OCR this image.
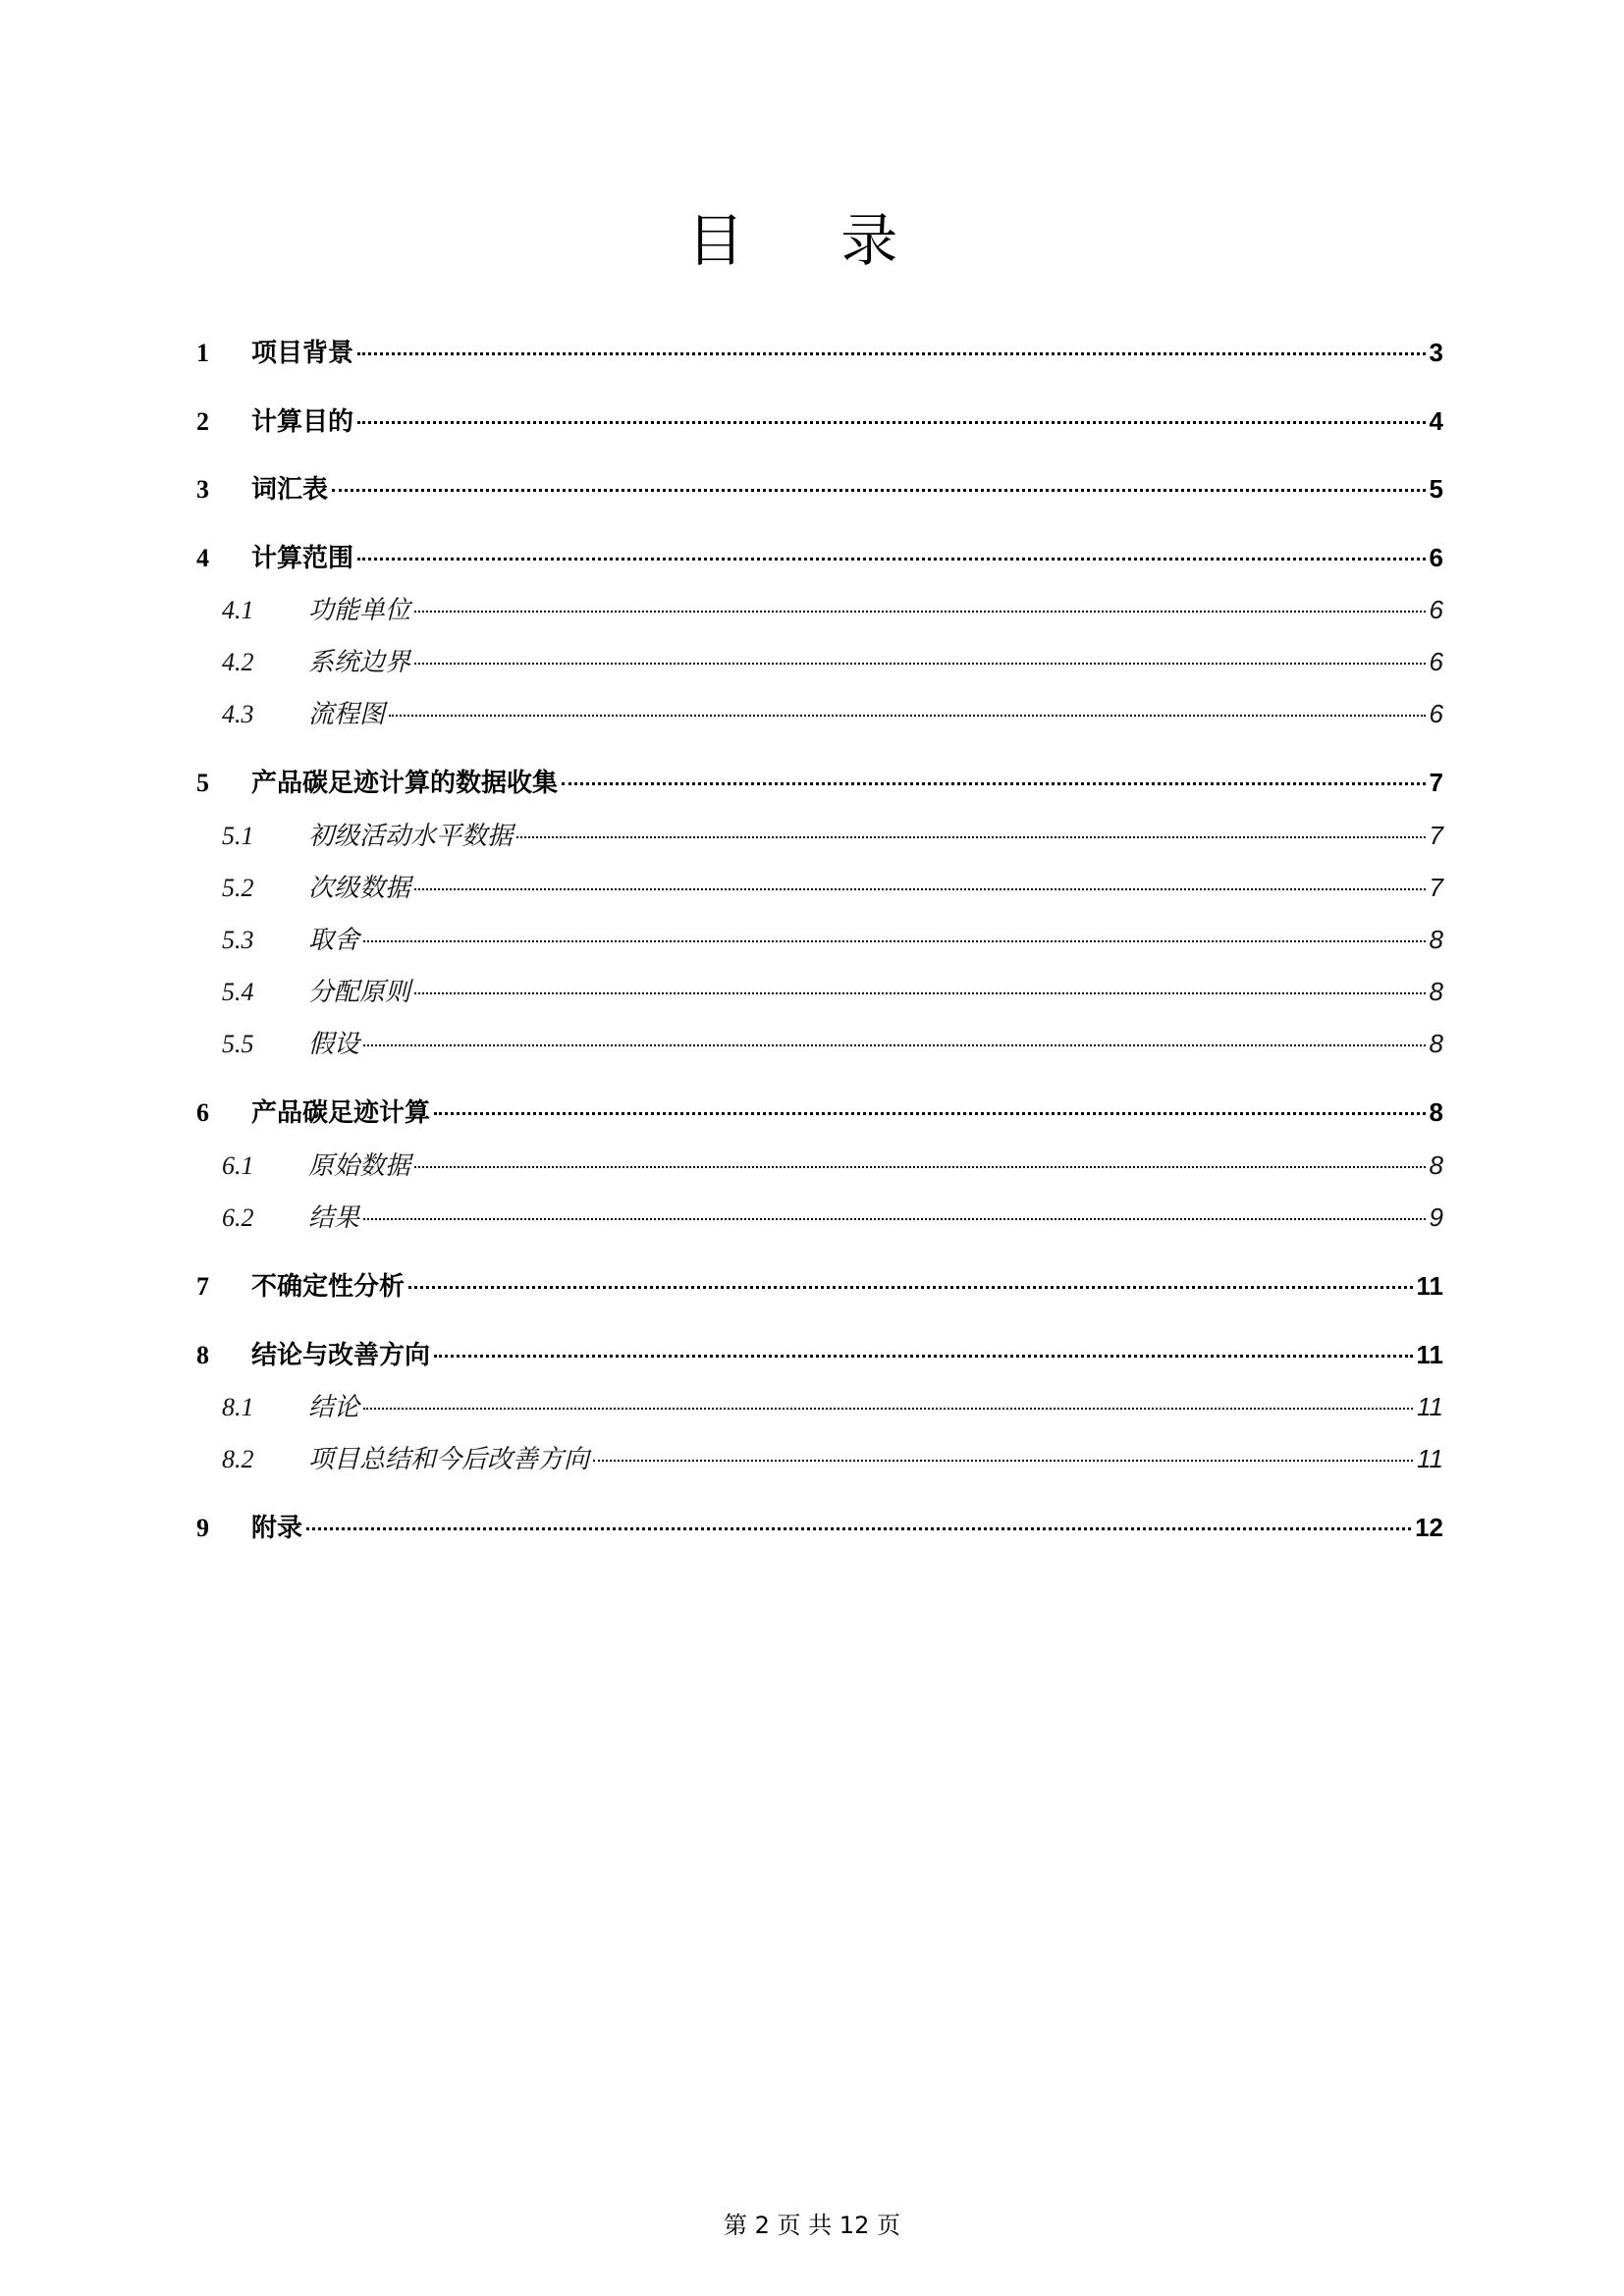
目 录
1	项目背景	3
2	计算目的	4
3	词汇表	5
4	计算范围	6
4.1	功能单位	6
4.2	系统边界	6
4.3	流程图	6
5	产品碳足迹计算的数据收集	7
5.1	初级活动水平数据	7
5.2	次级数据	7
5.3	取舍	8
5.4	分配原则	8
5.5	假设	8
6	产品碳足迹计算	8
6.1	原始数据	8
6.2	结果	9
7	不确定性分析	11
8	结论与改善方向	11
8.1	结论	11
8.2	项目总结和今后改善方向	11
9	附录	12
第 2 页 共 12 页
